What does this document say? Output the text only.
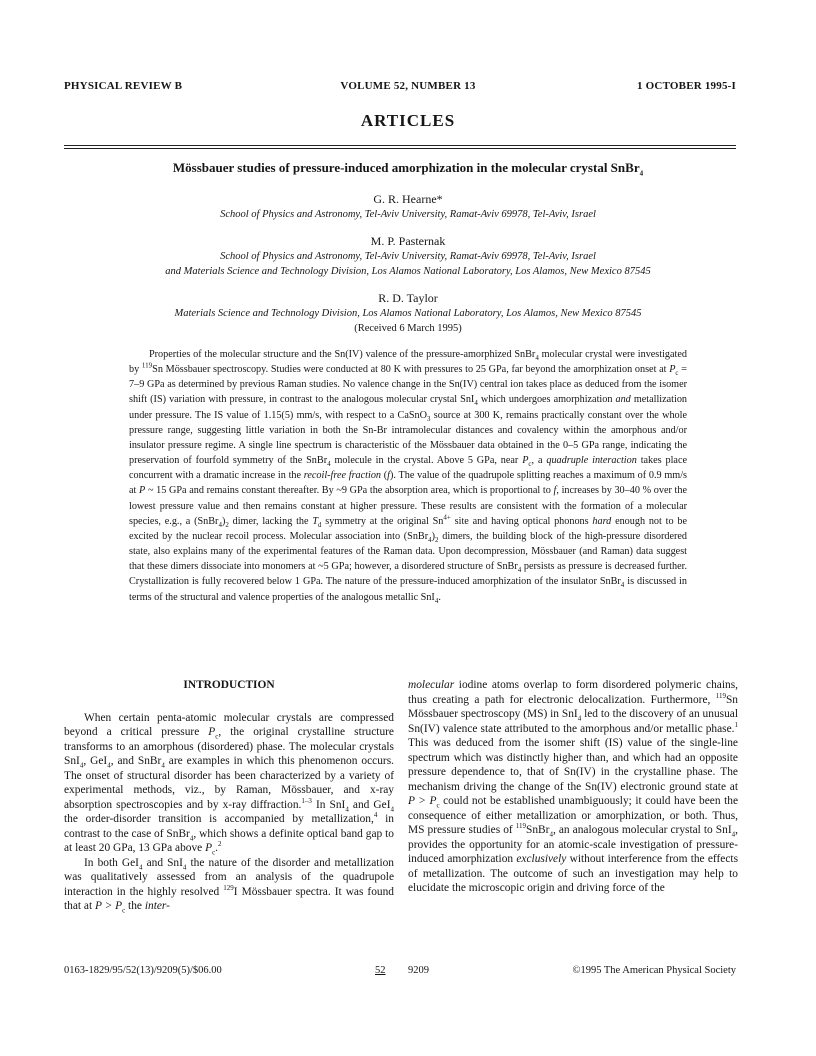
PHYSICAL REVIEW B	VOLUME 52, NUMBER 13	1 OCTOBER 1995-I
ARTICLES
Mössbauer studies of pressure-induced amorphization in the molecular crystal SnBr$_4$
G. R. Hearne*
School of Physics and Astronomy, Tel-Aviv University, Ramat-Aviv 69978, Tel-Aviv, Israel
M. P. Pasternak
School of Physics and Astronomy, Tel-Aviv University, Ramat-Aviv 69978, Tel-Aviv, Israel
and Materials Science and Technology Division, Los Alamos National Laboratory, Los Alamos, New Mexico 87545
R. D. Taylor
Materials Science and Technology Division, Los Alamos National Laboratory, Los Alamos, New Mexico 87545
(Received 6 March 1995)

Properties of the molecular structure and the Sn(IV) valence of the pressure-amorphized SnBr$_4$ molecular crystal were investigated by $^{119}$Sn Mössbauer spectroscopy. Studies were conducted at 80 K with pressures to 25 GPa, far beyond the amorphization onset at $P_c = 7-9$ GPa as determined by previous Raman studies. No valence change in the Sn(IV) central ion takes place as deduced from the isomer shift (IS) variation with pressure, in contrast to the analogous molecular crystal SnI$_4$ which undergoes amorphization and metallization under pressure. The IS value of 1.15(5) mm/s, with respect to a CaSnO$_3$ source at 300 K, remains practically constant over the whole pressure range, suggesting little variation in both the Sn-Br intramolecular distances and covalency within the amorphous and/or insulator pressure regime. A single line spectrum is characteristic of the Mössbauer data obtained in the 0–5 GPa range, indicating the preservation of fourfold symmetry of the SnBr$_4$ molecule in the crystal. Above 5 GPa, near $P_c$, a quadruple interaction takes place concurrent with a dramatic increase in the recoil-free fraction (f). The value of the quadrupole splitting reaches a maximum of 0.9 mm/s at P ~ 15 GPa and remains constant thereafter. By ~9 GPa the absorption area, which is proportional to f, increases by 30–40 % over the lowest pressure value and then remains constant at higher pressure. These results are consistent with the formation of a molecular species, e.g., a $(SnBr_4)_2$ dimer, lacking the $T_d$ symmetry at the original $Sn^{4+}$ site and having optical phonons hard enough not to be excited by the nuclear recoil process. Molecular association into $(SnBr_4)_2$ dimers, the building block of the high-pressure disordered state, also explains many of the experimental features of the Raman data. Upon decompression, Mössbauer (and Raman) data suggest that these dimers dissociate into monomers at ~5 GPa; however, a disordered structure of SnBr$_4$ persists as pressure is decreased further. Crystallization is fully recovered below 1 GPa. The nature of the pressure-induced amorphization of the insulator SnBr$_4$ is discussed in terms of the structural and valence properties of the analogous metallic SnI$_4$.

INTRODUCTION

When certain penta-atomic molecular crystals are compressed beyond a critical pressure $P_c$, the original crystalline structure transforms to an amorphous (disordered) phase. The molecular crystals SnI$_4$, GeI$_4$, and SnBr$_4$ are examples in which this phenomenon occurs. The onset of structural disorder has been characterized by a variety of experimental methods, viz., by Raman, Mössbauer, and x-ray absorption spectroscopies and by x-ray diffraction.$^{1-3}$ In SnI$_4$ and GeI$_4$ the order-disorder transition is accompanied by metallization,$^4$ in contrast to the case of SnBr$_4$, which shows a definite optical band gap to at least 20 GPa, 13 GPa above $P_c.^2$

In both GeI$_4$ and SnI$_4$ the nature of the disorder and metallization was qualitatively assessed from an analysis of the quadrupole interaction in the highly resolved $^{129}$I Mössbauer spectra. It was found that at $P > P_c$ the inter-

molecular iodine atoms overlap to form disordered polymeric chains, thus creating a path for electronic delocalization. Furthermore, $^{119}$Sn Mössbauer spectroscopy (MS) in SnI$_4$ led to the discovery of an unusual Sn(IV) valence state attributed to the amorphous and/or metallic phase.$^1$ This was deduced from the isomer shift (IS) value of the single-line spectrum which was distinctly higher than, and which had an opposite pressure dependence to, that of Sn(IV) in the crystalline phase. The mechanism driving the change of the Sn(IV) electronic ground state at $P > P_c$ could not be established unambiguously; it could have been the consequence of either metallization or amorphization, or both. Thus, MS pressure studies of $^{119}$SnBr$_4$, an analogous molecular crystal to SnI$_4$, provides the opportunity for an atomic-scale investigation of pressure-induced amorphization exclusively without interference from the effects of metallization. The outcome of such an investigation may help to elucidate the microscopic origin and driving force of the

0163-1829/95/52(13)/9209(5)/$06.00	52 9209	©1995 The American Physical Society
